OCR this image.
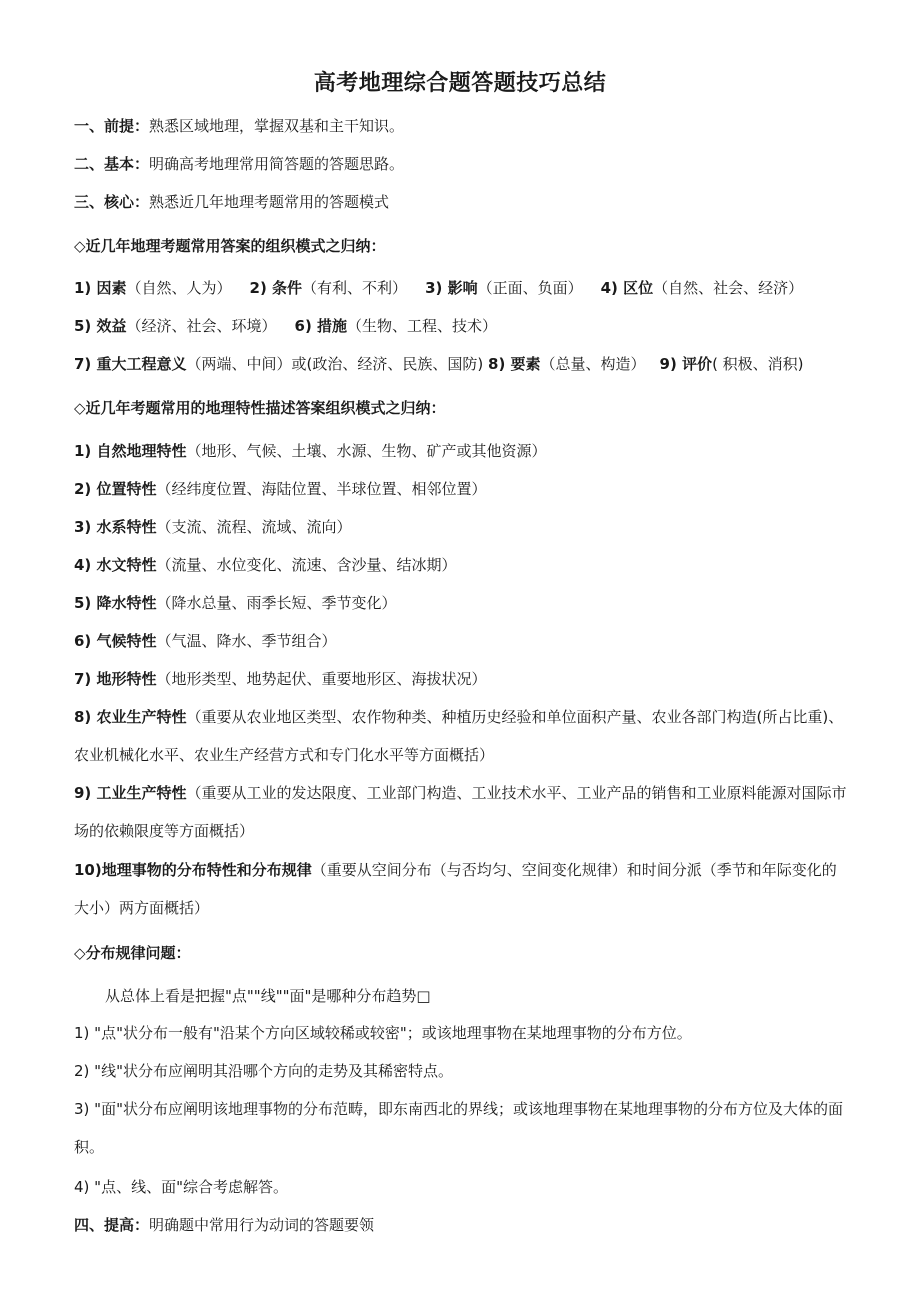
高考地理综合题答题技巧总结
一、前提：熟悉区域地理，掌握双基和主干知识。
二、基本：明确高考地理常用简答题的答题思路。
三、核心：熟悉近几年地理考题常用的答题模式
◇近几年地理考题常用答案的组织模式之归纳：
1) 因素（自然、人为） 2) 条件（有利、不利） 3) 影响（正面、负面） 4) 区位（自然、社会、经济）
5) 效益（经济、社会、环境） 6) 措施（生物、工程、技术）
7) 重大工程意义（两端、中间）或(政治、经济、民族、国防) 8) 要素（总量、构造） 9) 评价( 积极、消积)
◇近几年考题常用的地理特性描述答案组织模式之归纳：
1) 自然地理特性（地形、气候、土壤、水源、生物、矿产或其他资源）
2) 位置特性（经纬度位置、海陆位置、半球位置、相邻位置）
3) 水系特性（支流、流程、流域、流向）
4) 水文特性（流量、水位变化、流速、含沙量、结冰期）
5) 降水特性（降水总量、雨季长短、季节变化）
6) 气候特性（气温、降水、季节组合）
7) 地形特性（地形类型、地势起伏、重要地形区、海拔状况）
8) 农业生产特性（重要从农业地区类型、农作物种类、种植历史经验和单位面积产量、农业各部门构造(所占比重)、农业机械化水平、农业生产经营方式和专门化水平等方面概括）
9) 工业生产特性（重要从工业的发达限度、工业部门构造、工业技术水平、工业产品的销售和工业原料能源对国际市场的依赖限度等方面概括）
10)地理事物的分布特性和分布规律（重要从空间分布（与否均匀、空间变化规律）和时间分派（季节和年际变化的大小）两方面概括）
◇分布规律问题：
从总体上看是把握"点""线""面"是哪种分布趋势□
1) "点"状分布一般有"沿某个方向区域较稀或较密"；或该地理事物在某地理事物的分布方位。
2) "线"状分布应阐明其沿哪个方向的走势及其稀密特点。
3) "面"状分布应阐明该地理事物的分布范畴，即东南西北的界线；或该地理事物在某地理事物的分布方位及大体的面积。
4) "点、线、面"综合考虑解答。
四、提高：明确题中常用行为动词的答题要领
